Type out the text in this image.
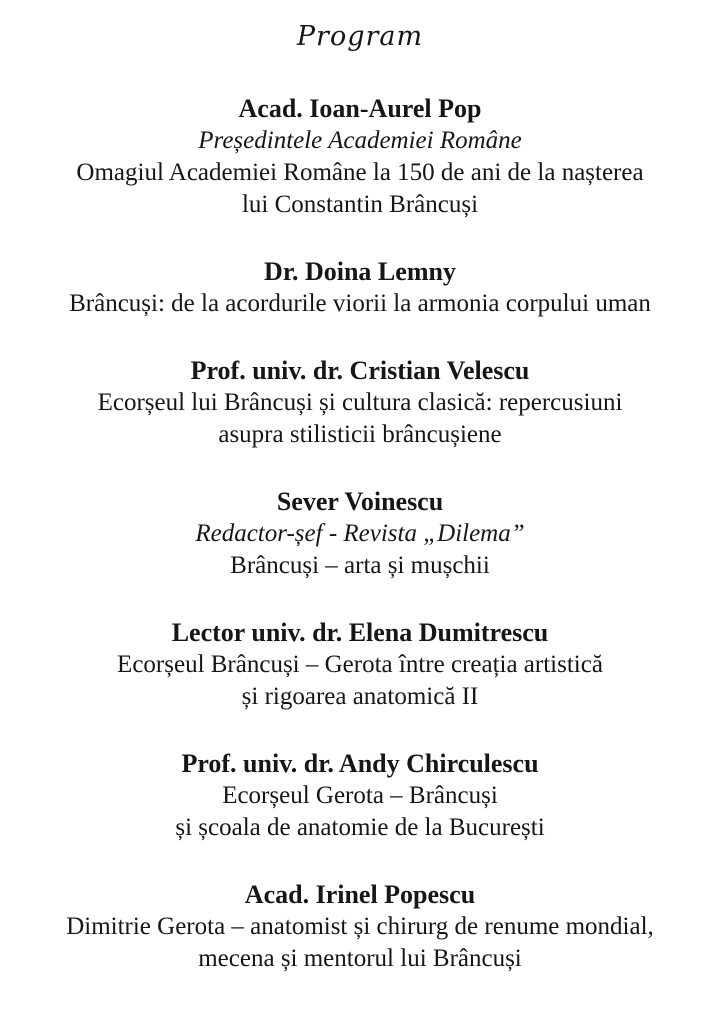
Program
Acad. Ioan-Aurel Pop
Președintele Academiei Române
Omagiul Academiei Române la 150 de ani de la nașterea
lui Constantin Brâncuși
Dr. Doina Lemny
Brâncuși: de la acordurile viorii la armonia corpului uman
Prof. univ. dr. Cristian Velescu
Ecorșeul lui Brâncuși și cultura clasică: repercusiuni
asupra stilisticii brâncușiene
Sever Voinescu
Redactor-șef - Revista „Dilema”
Brâncuși – arta și mușchii
Lector univ. dr. Elena Dumitrescu
Ecorșeul Brâncuși – Gerota între creația artistică
și rigoarea anatomică II
Prof. univ. dr. Andy Chirculescu
Ecorșeul Gerota – Brâncuși
și școala de anatomie de la București
Acad. Irinel Popescu
Dimitrie Gerota – anatomist și chirurg de renume mondial,
mecena și mentorul lui Brâncuși
